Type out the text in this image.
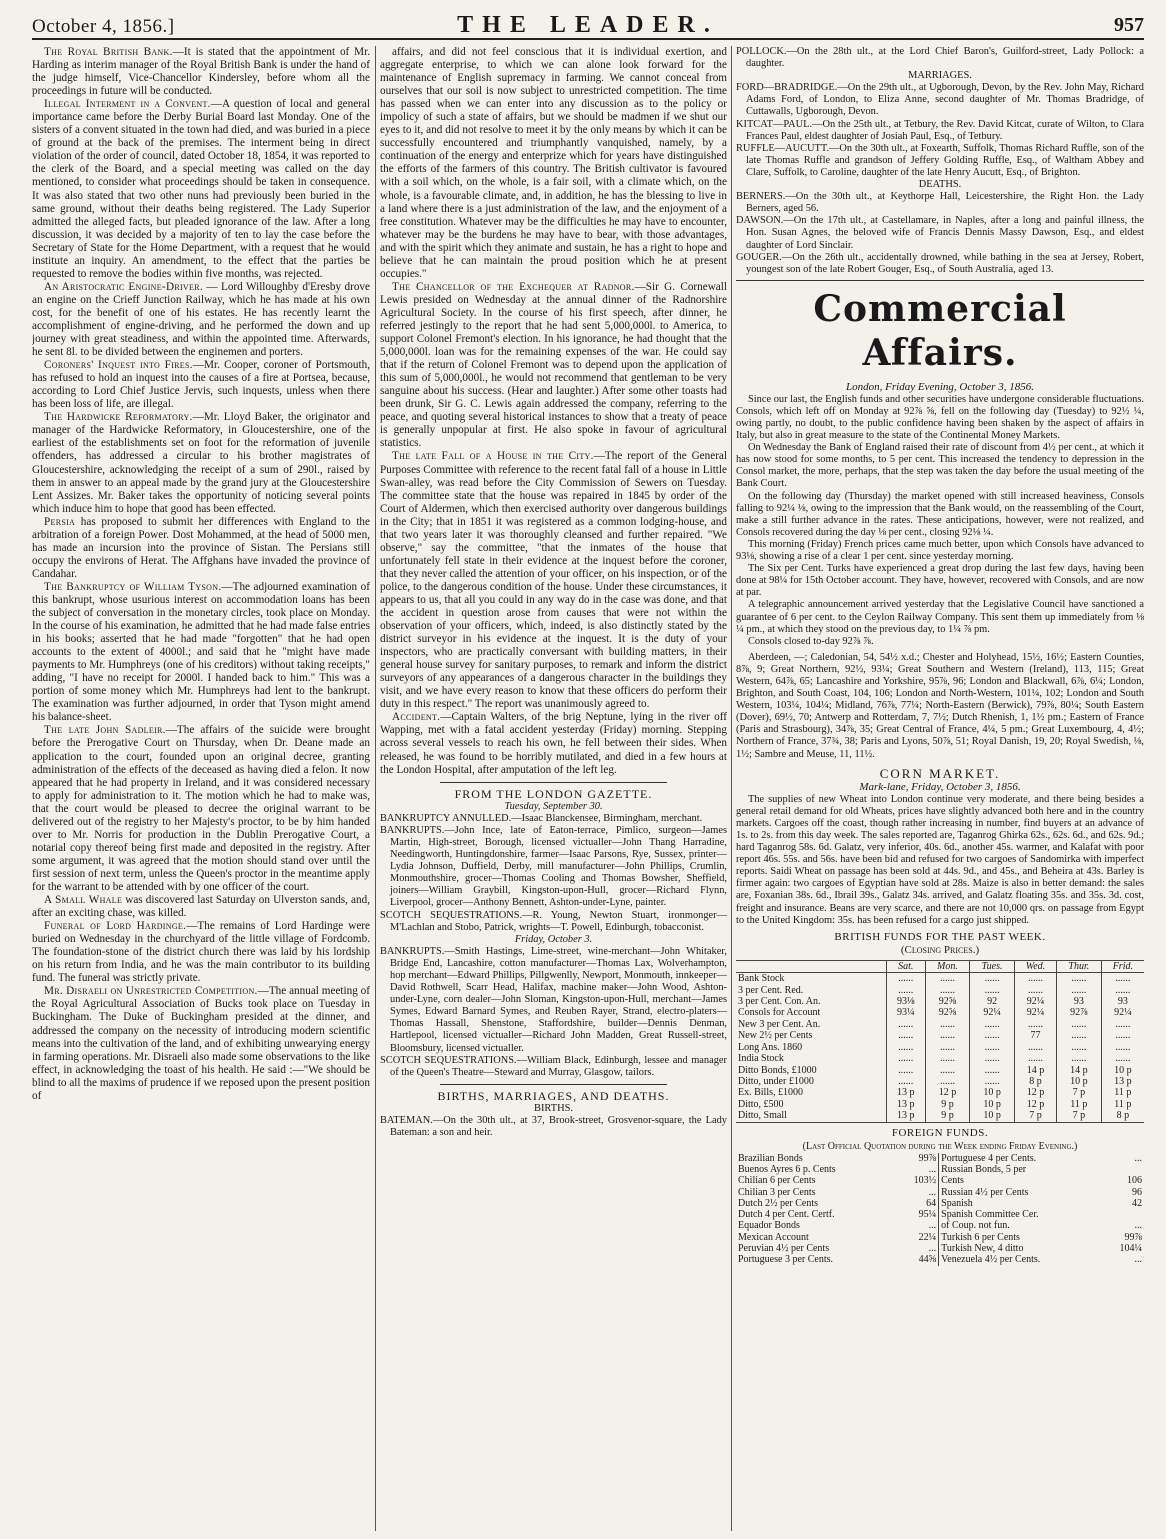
October 4, 1856.]	THE LEADER.	957

The Royal British Bank.—It is stated that the appointment of Mr. Harding as interim manager of the Royal British Bank is under the hand of the judge himself, Vice-Chancellor Kindersley, before whom all the proceedings in future will be conducted.

Illegal Interment in a Convent.—A question of local and general importance came before the Derby Burial Board last Monday. One of the sisters of a convent situated in the town had died, and was buried in a piece of ground at the back of the premises. The interment being in direct violation of the order of council, dated October 18, 1854, it was reported to the clerk of the Board, and a special meeting was called on the day mentioned, to consider what proceedings should be taken in consequence. It was also stated that two other nuns had previously been buried in the same ground, without their deaths being registered. The Lady Superior admitted the alleged facts, but pleaded ignorance of the law. After a long discussion, it was decided by a majority of ten to lay the case before the Secretary of State for the Home Department, with a request that he would institute an inquiry. An amendment, to the effect that the parties be requested to remove the bodies within five months, was rejected.

An Aristocratic Engine-Driver. — Lord Willoughby d'Eresby drove an engine on the Crieff Junction Railway, which he has made at his own cost, for the benefit of one of his estates. He has recently learnt the accomplishment of engine-driving, and he performed the down and up journey with great steadiness, and within the appointed time. Afterwards, he sent 8l. to be divided between the enginemen and porters.

Coroners' Inquest into Fires.—Mr. Cooper, coroner of Portsmouth, has refused to hold an inquest into the causes of a fire at Portsea, because, according to Lord Chief Justice Jervis, such inquests, unless when there has been loss of life, are illegal.

The Hardwicke Reformatory.—Mr. Lloyd Baker, the originator and manager of the Hardwicke Reformatory, in Gloucestershire, one of the earliest of the establishments set on foot for the reformation of juvenile offenders, has addressed a circular to his brother magistrates of Gloucestershire, acknowledging the receipt of a sum of 290l., raised by them in answer to an appeal made by the grand jury at the Gloucestershire Lent Assizes. Mr. Baker takes the opportunity of noticing several points which induce him to hope that good has been effected.

Persia has proposed to submit her differences with England to the arbitration of a foreign Power. Dost Mohammed, at the head of 5000 men, has made an incursion into the province of Sistan. The Persians still occupy the environs of Herat. The Affghans have invaded the province of Candahar.

The Bankruptcy of William Tyson.—The adjourned examination of this bankrupt, whose usurious interest on accommodation loans has been the subject of conversation in the monetary circles, took place on Monday. In the course of his examination, he admitted that he had made false entries in his books; asserted that he had made "forgotten" that he had open accounts to the extent of 4000l.; and said that he "might have made payments to Mr. Humphreys (one of his creditors) without taking receipts," adding, "I have no receipt for 2000l. I handed back to him." This was a portion of some money which Mr. Humphreys had lent to the bankrupt. The examination was further adjourned, in order that Tyson might amend his balance-sheet.

The late John Sadleir.—The affairs of the suicide were brought before the Prerogative Court on Thursday, when Dr. Deane made an application to the court, founded upon an original decree, granting administration of the effects of the deceased as having died a felon. It now appeared that he had property in Ireland, and it was considered necessary to apply for administration to it. The motion which he had to make was, that the court would be pleased to decree the original warrant to be delivered out of the registry to her Majesty's proctor, to be by him handed over to Mr. Norris for production in the Dublin Prerogative Court, a notarial copy thereof being first made and deposited in the registry. After some argument, it was agreed that the motion should stand over until the first session of next term, unless the Queen's proctor in the meantime apply for the warrant to be attended with by one officer of the court.

A Small Whale was discovered last Saturday on Ulverston sands, and, after an exciting chase, was killed.

Funeral of Lord Hardinge.—The remains of Lord Hardinge were buried on Wednesday in the churchyard of the little village of Fordcomb. The foundation-stone of the district church there was laid by his lordship on his return from India, and he was the main contributor to its building fund. The funeral was strictly private.

Mr. Disraeli on Unrestricted Competition.—The annual meeting of the Royal Agricultural Association of Bucks took place on Tuesday in Buckingham. The Duke of Buckingham presided at the dinner, and addressed the company on the necessity of introducing modern scientific means into the cultivation of the land, and of exhibiting unwearying energy in farming operations. Mr. Disraeli also made some observations to the like effect, in acknowledging the toast of his health. He said :—"We should be blind to all the maxims of prudence if we reposed upon the present position of

affairs, and did not feel conscious that it is individual exertion, and aggregate enterprise, to which we can alone look forward for the maintenance of English supremacy in farming. We cannot conceal from ourselves that our soil is now subject to unrestricted competition. The time has passed when we can enter into any discussion as to the policy or impolicy of such a state of affairs, but we should be madmen if we shut our eyes to it, and did not resolve to meet it by the only means by which it can be successfully encountered and triumphantly vanquished, namely, by a continuation of the energy and enterprize which for years have distinguished the efforts of the farmers of this country. The British cultivator is favoured with a soil which, on the whole, is a fair soil, with a climate which, on the whole, is a favourable climate, and, in addition, he has the blessing to live in a land where there is a just administration of the law, and the enjoyment of a free constitution. Whatever may be the difficulties he may have to encounter, whatever may be the burdens he may have to bear, with those advantages, and with the spirit which they animate and sustain, he has a right to hope and believe that he can maintain the proud position which he at present occupies."

The Chancellor of the Exchequer at Radnor.—Sir G. Cornewall Lewis presided on Wednesday at the annual dinner of the Radnorshire Agricultural Society. In the course of his first speech, after dinner, he referred jestingly to the report that he had sent 5,000,000l. to America, to support Colonel Fremont's election. In his ignorance, he had thought that the 5,000,000l. loan was for the remaining expenses of the war. He could say that if the return of Colonel Fremont was to depend upon the application of this sum of 5,000,000l., he would not recommend that gentleman to be very sanguine about his success. (Hear and laughter.) After some other toasts had been drunk, Sir G. C. Lewis again addressed the company, referring to the peace, and quoting several historical instances to show that a treaty of peace is generally unpopular at first. He also spoke in favour of agricultural statistics.

The late Fall of a House in the City.—The report of the General Purposes Committee with reference to the recent fatal fall of a house in Little Swan-alley, was read before the City Commission of Sewers on Tuesday. The committee state that the house was repaired in 1845 by order of the Court of Aldermen, which then exercised authority over dangerous buildings in the City; that in 1851 it was registered as a common lodging-house, and that two years later it was thoroughly cleansed and further repaired. "We observe," say the committee, "that the inmates of the house that unfortunately fell state in their evidence at the inquest before the coroner, that they never called the attention of your officer, on his inspection, or of the police, to the dangerous condition of the house. Under these circumstances, it appears to us, that all you could in any way do in the case was done, and that the accident in question arose from causes that were not within the observation of your officers, which, indeed, is also distinctly stated by the district surveyor in his evidence at the inquest. It is the duty of your inspectors, who are practically conversant with building matters, in their general house survey for sanitary purposes, to remark and inform the district surveyors of any appearances of a dangerous character in the buildings they visit, and we have every reason to know that these officers do perform their duty in this respect." The report was unanimously agreed to.

Accident.—Captain Walters, of the brig Neptune, lying in the river off Wapping, met with a fatal accident yesterday (Friday) morning. Stepping across several vessels to reach his own, he fell between their sides. When released, he was found to be horribly mutilated, and died in a few hours at the London Hospital, after amputation of the left leg.

FROM THE LONDON GAZETTE.

Tuesday, September 30.

BANKRUPTCY ANNULLED.—Isaac Blanckensee, Birmingham, merchant.

BANKRUPTS.—John Ince, late of Eaton-terrace, Pimlico, surgeon—James Martin, High-street, Borough, licensed victualler—John Thang Harradine, Needingworth, Huntingdonshire, farmer—Isaac Parsons, Rye, Sussex, printer—Lydia Johnson, Duffield, Derby, mill manufacturer—John Phillips, Crumlin, Monmouthshire, grocer—Thomas Cooling and Thomas Bowsher, Sheffield, joiners—William Graybill, Kingston-upon-Hull, grocer—Richard Flynn, Liverpool, grocer—Anthony Bennett, Ashton-under-Lyne, painter.

SCOTCH SEQUESTRATIONS.—R. Young, Newton Stuart, ironmonger—M'Lachlan and Stobo, Patrick, wrights—T. Powell, Edinburgh, tobacconist.

Friday, October 3.

BANKRUPTS.—Smith Hastings, Lime-street, wine-merchant—John Whitaker, Bridge End, Lancashire, cotton manufacturer—Thomas Lax, Wolverhampton, hop merchant—Edward Phillips, Pillgwenlly, Newport, Monmouth, innkeeper—David Rothwell, Scarr Head, Halifax, machine maker—John Wood, Ashton-under-Lyne, corn dealer—John Sloman, Kingston-upon-Hull, merchant—James Symes, Edward Barnard Symes, and Reuben Rayer, Strand, electro-platers—Thomas Hassall, Shenstone, Staffordshire, builder—Dennis Denman, Hartlepool, licensed victualler—Richard John Madden, Great Russell-street, Bloomsbury, licensed victualler.

SCOTCH SEQUESTRATIONS.—William Black, Edinburgh, lessee and manager of the Queen's Theatre—Steward and Murray, Glasgow, tailors.

BIRTHS, MARRIAGES, AND DEATHS.

BIRTHS.

BATEMAN.—On the 30th ult., at 37, Brook-street, Grosvenor-square, the Lady Bateman: a son and heir.

POLLOCK.—On the 28th ult., at the Lord Chief Baron's, Guilford-street, Lady Pollock: a daughter.

MARRIAGES.

FORD—BRADRIDGE.—On the 29th ult., at Ugborough, Devon, by the Rev. John May, Richard Adams Ford, of London, to Eliza Anne, second daughter of Mr. Thomas Bradridge, of Cuttawalls, Ugborough, Devon.

KITCAT—PAUL.—On the 25th ult., at Tetbury, the Rev. David Kitcat, curate of Wilton, to Clara Frances Paul, eldest daughter of Josiah Paul, Esq., of Tetbury.

RUFFLE—AUCUTT.—On the 30th ult., at Foxearth, Suffolk, Thomas Richard Ruffle, son of the late Thomas Ruffle and grandson of Jeffery Golding Ruffle, Esq., of Waltham Abbey and Clare, Suffolk, to Caroline, daughter of the late Henry Aucutt, Esq., of Brighton.

DEATHS.

BERNERS.—On the 30th ult., at Keythorpe Hall, Leicestershire, the Right Hon. the Lady Berners, aged 56.

DAWSON.—On the 17th ult., at Castellamare, in Naples, after a long and painful illness, the Hon. Susan Agnes, the beloved wife of Francis Dennis Massy Dawson, Esq., and eldest daughter of Lord Sinclair.

GOUGER.—On the 26th ult., accidentally drowned, while bathing in the sea at Jersey, Robert, youngest son of the late Robert Gouger, Esq., of South Australia, aged 13.

Commercial Affairs.
London, Friday Evening, October 3, 1856.

Since our last, the English funds and other securities have undergone considerable fluctuations. Consols, which left off on Monday at 92⅞ ⅝, fell on the following day (Tuesday) to 92½ ¼, owing partly, no doubt, to the public confidence having been shaken by the aspect of affairs in Italy, but also in great measure to the state of the Continental Money Markets.

On Wednesday the Bank of England raised their rate of discount from 4½ per cent., at which it has now stood for some months, to 5 per cent. This increased the tendency to depression in the Consol market, the more, perhaps, that the step was taken the day before the usual meeting of the Bank Court.

On the following day (Thursday) the market opened with still increased heaviness, Consols falling to 92¼ ⅛, owing to the impression that the Bank would, on the reassembling of the Court, make a still further advance in the rates. These anticipations, however, were not realized, and Consols recovered during the day ⅛ per cent., closing 92⅛ ¼.

This morning (Friday) French prices came much better, upon which Consols have advanced to 93⅛, showing a rise of a clear 1 per cent. since yesterday morning.

The Six per Cent. Turks have experienced a great drop during the last few days, having been done at 98¼ for 15th October account. They have, however, recovered with Consols, and are now at par.

A telegraphic announcement arrived yesterday that the Legislative Council have sanctioned a guarantee of 6 per cent. to the Ceylon Railway Company. This sent them up immediately from ⅛ ¼ pm., at which they stood on the previous day, to 1¼ ⅞ pm.

Consols closed to-day 92⅞ ⅞.

Aberdeen, —; Caledonian, 54, 54½ x.d.; Chester and Holyhead, 15½, 16½; Eastern Counties, 8⅞, 9; Great Northern, 92½, 93¼; Great Southern and Western (Ireland), 113, 115; Great Western, 64⅞, 65; Lancashire and Yorkshire, 95⅞, 96; London and Blackwall, 6⅞, 6¼; London, Brighton, and South Coast, 104, 106; London and North-Western, 101¼, 102; London and South Western, 103¼, 104¼; Midland, 76⅞, 77¼; North-Eastern (Berwick), 79⅞, 80¼; South Eastern (Dover), 69½, 70; Antwerp and Rotterdam, 7, 7½; Dutch Rhenish, 1, 1½ pm.; Eastern of France (Paris and Strasbourg), 34⅞, 35; Great Central of France, 4¼, 5 pm.; Great Luxembourg, 4, 4½; Northern of France, 37¾, 38; Paris and Lyons, 50⅞, 51; Royal Danish, 19, 20; Royal Swedish, ⅛, 1½; Sambre and Meuse, 11, 11½.

CORN MARKET.
Mark-lane, Friday, October 3, 1856.

The supplies of new Wheat into London continue very moderate, and there being besides a general retail demand for old Wheats, prices have slightly advanced both here and in the country markets. Cargoes off the coast, though rather increasing in number, find buyers at an advance of 1s. to 2s. from this day week. The sales reported are, Taganrog Ghirka 62s., 62s. 6d., and 62s. 9d.; hard Taganrog 58s. 6d. Galatz, very inferior, 40s. 6d., another 45s. warmer, and Kalafat with poor report 46s. 55s. and 56s. have been bid and refused for two cargoes of Sandomirka with imperfect reports. Saidi Wheat on passage has been sold at 44s. 9d., and 45s., and Beheira at 43s. Barley is firmer again: two cargoes of Egyptian have sold at 28s. Maize is also in better demand: the sales are, Foxanian 38s. 6d., Ibrail 39s., Galatz 34s. arrived, and Galatz floating 35s. and 35s. 3d. cost, freight and insurance. Beans are very scarce, and there are not 10,000 qrs. on passage from Egypt to the United Kingdom: 35s. has been refused for a cargo just shipped.

BRITISH FUNDS FOR THE PAST WEEK.
(Closing Prices.)
	Sat.	Mon.	Tues.	Wed.	Thur.	Frid.
Bank Stock	......	......	......	......	......	......
3 per Cent. Red.	......	......	......	......	......	......
3 per Cent. Con. An.	93⅛	92⅝	92	92¼	93	93
Consols for Account	93¼	92⅝	92¼	92¼	92⅞	92¼
New 3 per Cent. An.	......	......	......	......	......	......
New 2½ per Cents	......	......	......	77	......	......
Long Ans. 1860	......	......	......	......	......	......
India Stock	......	......	......	......	......	......
Ditto Bonds, £1000	......	......	......	14 p	14 p	10 p
Ditto, under £1000	......	......	......	8 p	10 p	13 p
Ex. Bills, £1000	13 p	12 p	10 p	12 p	7 p	11 p
Ditto, £500	13 p	9 p	10 p	12 p	11 p	11 p
Ditto, Small	13 p	9 p	10 p	7 p	7 p	8 p
FOREIGN FUNDS.
(Last Official Quotation during the Week ending Friday Evening.)
Brazilian Bonds	99⅞	Portuguese 4 per Cents.	...
Buenos Ayres 6 p. Cents	...	Russian Bonds, 5 per	
Chilian 6 per Cents	103½	Cents	106
Chilian 3 per Cents	...	Russian 4½ per Cents	96
Dutch 2½ per Cents	64	Spanish	42
Dutch 4 per Cent. Certf.	95¼	Spanish Committee Cer.	
Equador Bonds	...	of Coup. not fun.	...
Mexican Account	22¼	Turkish 6 per Cents	99⅞
Peruvian 4½ per Cents	...	Turkish New, 4 ditto	104¼
Portuguese 3 per Cents.	44⅝	Venezuela 4½ per Cents.	...
